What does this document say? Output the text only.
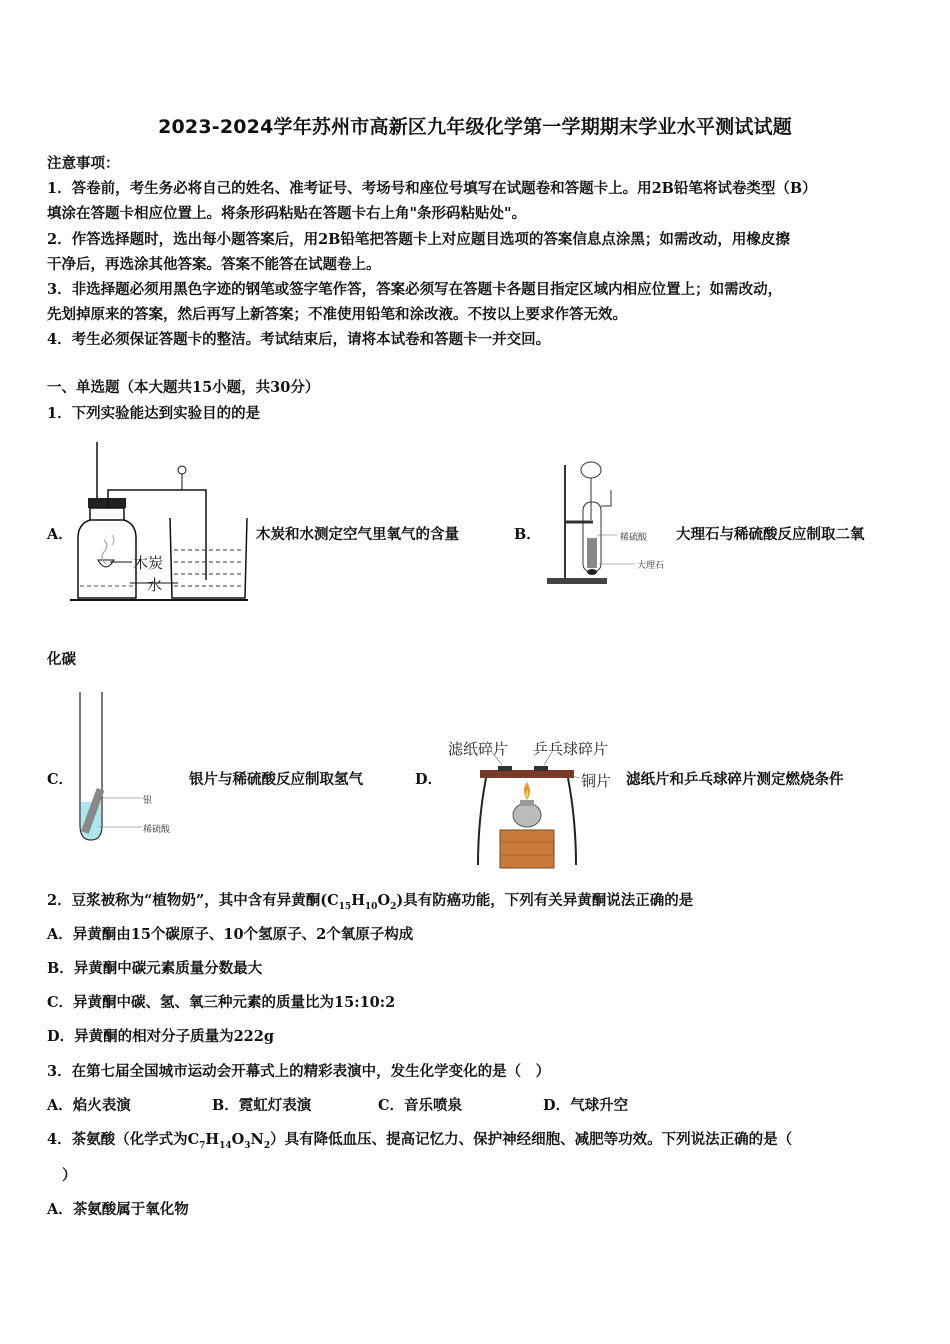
2023-2024学年苏州市高新区九年级化学第一学期期末学业水平测试试题
注意事项：
1．答卷前，考生务必将自己的姓名、准考证号、考场号和座位号填写在试题卷和答题卡上。用2B铅笔将试卷类型（B）
填涂在答题卡相应位置上。将条形码粘贴在答题卡右上角"条形码粘贴处"。
2．作答选择题时，选出每小题答案后，用2B铅笔把答题卡上对应题目选项的答案信息点涂黑；如需改动，用橡皮擦
干净后，再选涂其他答案。答案不能答在试题卷上。
3．非选择题必须用黑色字迹的钢笔或签字笔作答，答案必须写在答题卡各题目指定区域内相应位置上；如需改动，
先划掉原来的答案，然后再写上新答案；不准使用铅笔和涂改液。不按以上要求作答无效。
4．考生必须保证答题卡的整洁。考试结束后，请将本试卷和答题卡一并交回。
一、单选题（本大题共15小题，共30分）
1．下列实验能达到实验目的的是
A．
木炭
水
木炭和水测定空气里氧气的含量	B．	稀硫酸
大理石
大理石与稀硫酸反应制取二氧
化碳
C．
银
稀硫酸
银片与稀硫酸反应制取氢气	D．
滤纸碎片 乒乓球碎片
铜片 滤纸片和乒乓球碎片测定燃烧条件
2．豆浆被称为“植物奶”，其中含有异黄酮$(C_{15}H_{10}O_2)$具有防癌功能，下列有关异黄酮说法正确的是
A．异黄酮由15个碳原子、10个氢原子、2个氧原子构成
B．异黄酮中碳元素质量分数最大
C．异黄酮中碳、氢、氧三种元素的质量比为15:10:2
D．异黄酮的相对分子质量为222g
3．在第七届全国城市运动会开幕式上的精彩表演中，发生化学变化的是（　）
A．焰火表演	B．霓虹灯表演	C．音乐喷泉	D．气球升空
4．茶氨酸（化学式为$C_7H_{14}O_3N_2$）具有降低血压、提高记忆力、保护神经细胞、减肥等功效。下列说法正确的是（
）
A．茶氨酸属于氧化物
